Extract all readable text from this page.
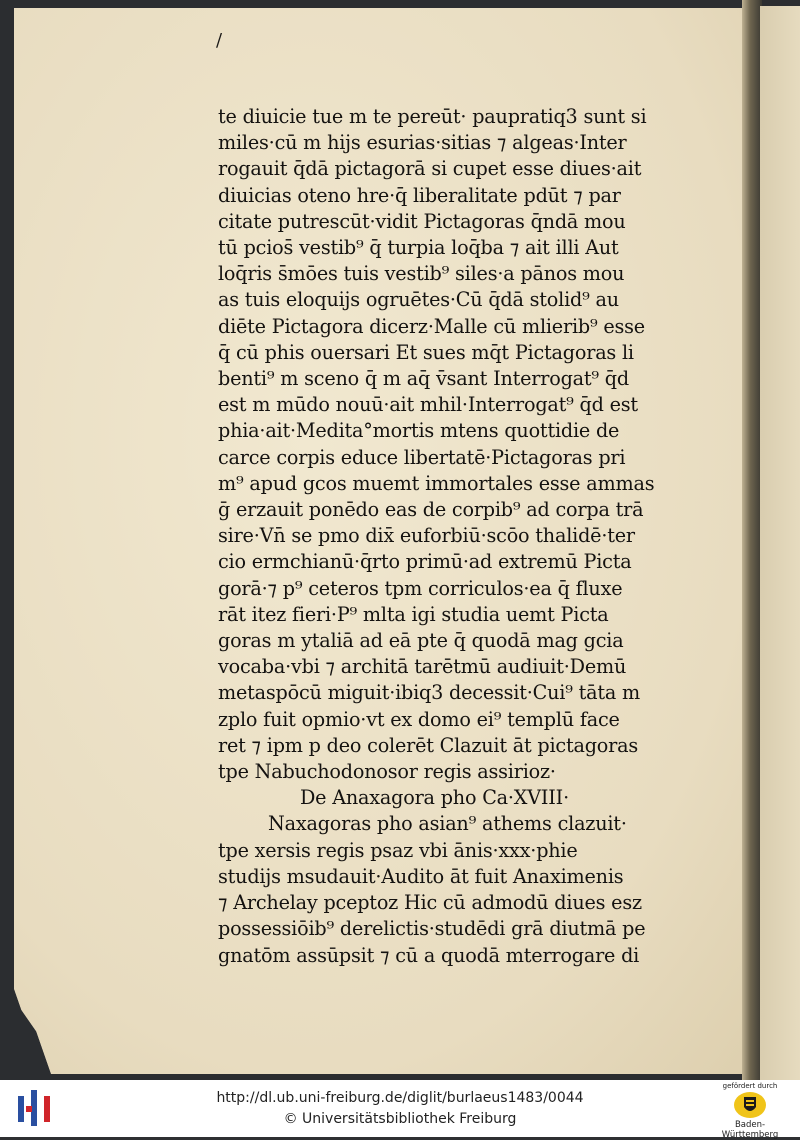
/
te diuicie tue m te pereūt· paupratiq3 sunt si
miles·cū m hijs esurias·sitias ⁊ algeas·Inter
rogauit q̄dā pictagorā si cupet esse diues·ait
diuicias oteno hre·q̄ liberalitate pdūt ⁊ par
citate putrescūt·vidit Pictagoras q̄ndā mou
tū pcios̄ vestib⁹ q̄ turpia loq̄ba ⁊ ait illi Aut
loq̄ris s̄mōes tuis vestib⁹ siles·a pānos mou
as tuis eloquijs ogruētes·Cū q̄dā stolid⁹ au
diēte Pictagora dicerz·Malle cū mlierib⁹ esse
q̄ cū phis ouersari Et sues mq̄t Pictagoras li
benti⁹ m sceno q̄ m aq̄ v̄sant Interrogat⁹ q̄d
est m mūdo nouū·ait mhil·Interrogat⁹ q̄d est
phia·ait·Medita°mortis mtens quottidie de
carce corpis educe libertatē·Pictagoras pri
m⁹ apud gcos muemt immortales esse ammas
ḡ erzauit ponēdo eas de corpib⁹ ad corpa trā
sire·Vn̄ se pmo dix̄ euforbiū·scōo thalidē·ter
cio ermchianū·q̄rto primū·ad extremū Picta
gorā·⁊ p⁹ ceteros tpm corriculos·ea q̄ fluxe
rāt itez fieri·P⁹ mlta igi studia uemt Picta
goras m ytaliā ad eā pte q̄ quodā mag gcia
vocaba·vbi ⁊ architā tarētmū audiuit·Demū
metaspōcū miguit·ibiq3 decessit·Cui⁹ tāta m
zplo fuit opmio·vt ex domo ei⁹ templū face
ret ⁊ ipm p deo colerēt Clazuit āt pictagoras
tpe Nabuchodonosor regis assirioz·
De Anaxagora pho Ca·XVIII·
Naxagoras pho asian⁹ athems clazuit·
tpe xersis regis psaz vbi ānis·xxx·phie
studijs msudauit·Audito āt fuit Anaximenis
⁊ Archelay pceptoz Hic cū admodū diues esz
possessiōib⁹ derelictis·studēdi grā diutmā pe
gnatōm assūpsit ⁊ cū a quodā mterrogare di
http://dl.ub.uni-freiburg.de/diglit/burlaeus1483/0044
© Universitätsbibliothek Freiburg
gefördert durch
Baden-Württemberg
